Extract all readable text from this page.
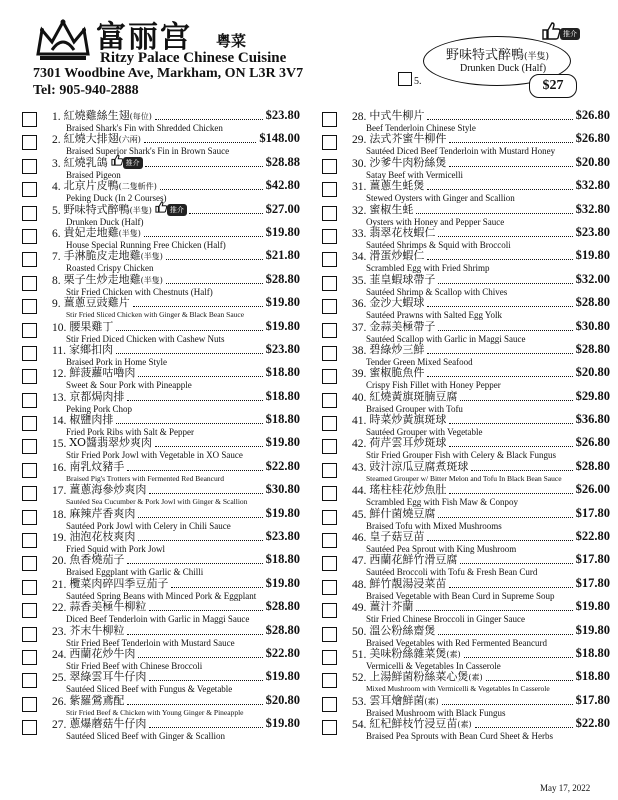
富丽宫 粤菜
Ritzy Palace Chinese Cuisine
7301 Woodbine Ave, Markham, ON L3R 3V7
Tel: 905-940-2888
推介
野味特式醉鴨(半隻)
Drunken Duck (Half)
5.	$27
1. 紅燒雞絲生翅(每位)	$23.80
Braised Shark's Fin with Shredded Chicken
2. 紅燒大排翅(六兩)	$148.00
Braised Superior Shark's Fin in Brown Sauce
3. 紅燒乳鴿	推介	$28.88
Braised Pigeon
4. 北京片皮鴨(二隻斬件)	$42.80
Peking Duck (In 2 Courses)
5. 野味特式醉鴨(半隻)	推介	$27.00
Drunken Duck (Half)
6. 貴妃走地雞(半隻)	$19.80
House Special Running Free Chicken (Half)
7. 手淋脆皮走地雞(半隻)	$21.80
Roasted Crispy Chicken
8. 栗子生炒走地雞(半隻)	$28.80
Stir Fried Chicken with Chestnuts (Half)
9. 薑蔥豆豉雞片	$19.80
Stir Fried Sliced Chicken with Ginger & Black Bean Sauce
10. 腰果雞丁	$19.80
Stir Fried Diced Chicken with Cashew Nuts
11. 家鄉扣肉	$23.80
Braised Pork in Home Style
12. 鮮菠蘿咕嚕肉	$18.80
Sweet & Sour Pork with Pineapple
13. 京都焗肉排	$18.80
Peking Pork Chop
14. 椒鹽肉排	$18.80
Fried Pork Ribs with Salt & Pepper
15. XO醬翡翠炒爽肉	$19.80
Stir Fried Pork Jowl with Vegetable in XO Sauce
16. 南乳炆豬手	$22.80
Braised Pig's Trotters with Fermented Red Beancurd
17. 薑蔥海參炒爽肉	$30.80
Sautéed Sea Cucumber & Pork Jowl with Ginger & Scallion
18. 麻辣芹香爽肉	$19.80
Sautéed Pork Jowl with Celery in Chili Sauce
19. 油泡花枝爽肉	$23.80
Fried Squid with Pork Jowl
20. 魚香燒茄子	$18.80
Braised Eggplant with Garlic & Chilli
21. 欖菜肉碎四季豆茄子	$19.80
Sautéed Spring Beans with Minced Pork & Eggplant
22. 蒜香美極牛柳粒	$28.80
Diced Beef Tenderloin with Garlic in Maggi Sauce
23. 芥末牛柳粒	$28.80
Stir Fried Beef Tenderloin with Mustard Sauce
24. 西蘭花炒牛肉	$22.80
Stir Fried Beef with Chinese Broccoli
25. 翠綠雲耳牛仔肉	$19.80
Sautéed Sliced Beef with Fungus & Vegetable
26. 紫羅鶯鳶配	$20.80
Stir Fried Beef & Chicken with Young Ginger & Pineapple
27. 蔥爆蘑菇牛仔肉	$19.80
Sautéed Sliced Beef with Ginger & Scallion
28. 中式牛柳片	$26.80
Beef Tenderloin Chinese Style
29. 法式芥蜜牛柳件	$26.80
Sautéed Diced Beef Tenderloin with Mustard Honey
30. 沙爹牛肉粉絲煲	$20.80
Satay Beef with Vermicelli
31. 薑蔥生蚝煲	$32.80
Stewed Oysters with Ginger and Scallion
32. 蜜椒生蚝	$32.80
Oysters with Honey and Pepper Sauce
33. 翡翠花枝蝦仁	$23.80
Sautéed Shrimps & Squid with Broccoli
34. 滑蛋炒蝦仁	$19.80
Scrambled Egg with Fried Shrimp
35. 韮皇蝦球帶子	$32.00
Sautéed Shrimp & Scallop with Chives
36. 金沙大蝦球	$28.80
Sautéed Prawns with Salted Egg Yolk
37. 金蒜美極帶子	$30.80
Sautéed Scallop with Garlic in Maggi Sauce
38. 碧綠炒三鮮	$28.80
Tender Green Mixed Seafood
39. 蜜椒脆魚件	$20.80
Crispy Fish Fillet with Honey Pepper
40. 紅燒黃旗斑腩豆腐	$29.80
Braised Grouper with Tofu
41. 時菜炒黃旗斑球	$36.80
Sautéed Grouper with Vegetable
42. 荷芹雲耳炒斑球	$26.80
Stir Fried Grouper Fish with Celery & Black Fungus
43. 豉汁涼瓜豆腐煮斑球	$28.80
Steamed Grouper w/ Bitter Melon and Tofu In Black Bean Sauce
44. 瑤柱桂花炒魚肚	$26.00
Scrambled Egg with Fish Maw & Conpoy
45. 鮮什菌燒豆腐	$17.80
Braised Tofu with Mixed Mushrooms
46. 皇子菇豆苗	$22.80
Sautéed Pea Sprout with King Mushroom
47. 西蘭花鮮竹滑豆腐	$17.80
Sautéed Broccoli with Tofu & Fresh Bean Curd
48. 鮮竹靚湯浸菜苗	$17.80
Braised Vegetable with Bean Curd in Supreme Soup
49. 薑汁芥蘭	$19.80
Stir Fried Chinese Broccoli in Ginger Sauce
50. 溫公粉絲齋煲	$19.80
Braised Vegetables with Red Fermented Beancurd
51. 美味粉絲雜菜煲(素)	$18.80
Vermicelli & Vegetables In Casserole
52. 上湯鮮菌粉絲菜心煲(素)	$18.80
Mixed Mushroom with Vermicelli & Vegetables In Casserole
53. 雲耳燴鮮菌(素)	$17.80
Braised Mushroom with Black Fungus
54. 紅杞鮮枝竹浸豆苗(素)	$22.80
Braised Pea Sprouts with Bean Curd Sheet & Herbs
May 17, 2022
